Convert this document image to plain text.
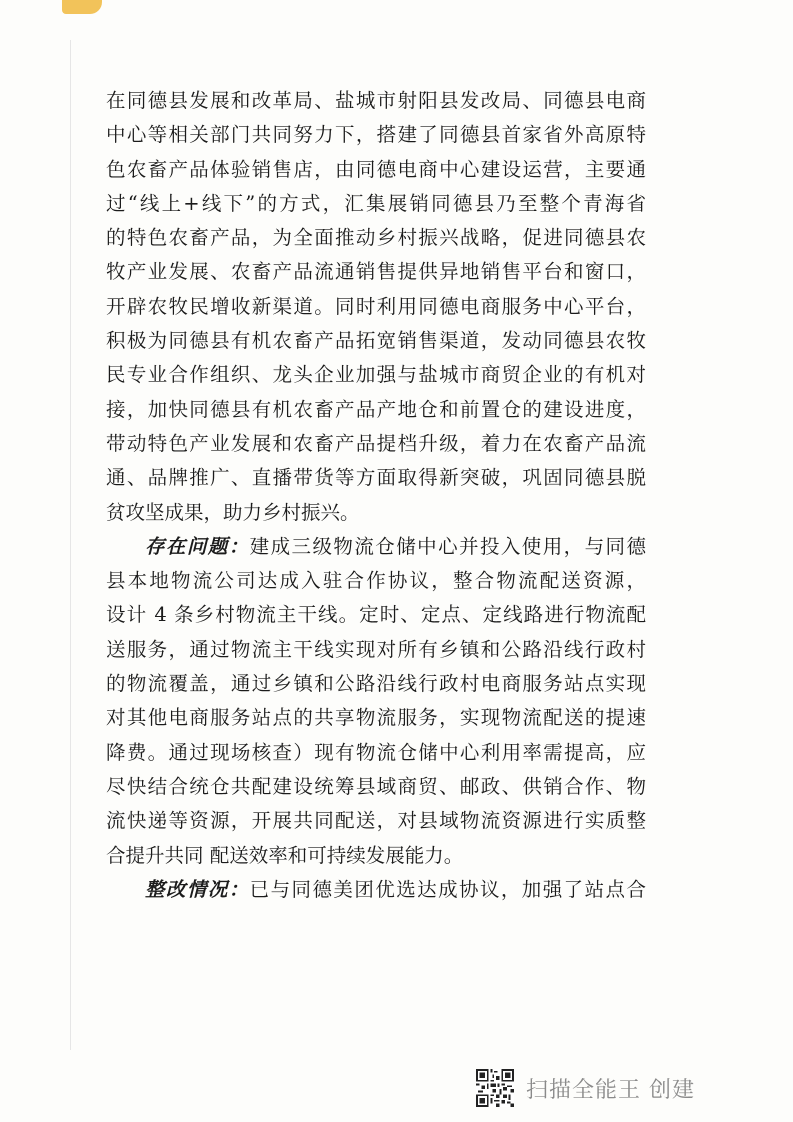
在同德县发展和改革局、盐城市射阳县发改局、同德县电商
中心等相关部门共同努力下，搭建了同德县首家省外高原特
色农畜产品体验销售店，由同德电商中心建设运营，主要通
过“线上+线下”的方式，汇集展销同德县乃至整个青海省
的特色农畜产品，为全面推动乡村振兴战略，促进同德县农
牧产业发展、农畜产品流通销售提供异地销售平台和窗口，
开辟农牧民增收新渠道。同时利用同德电商服务中心平台，
积极为同德县有机农畜产品拓宽销售渠道，发动同德县农牧
民专业合作组织、龙头企业加强与盐城市商贸企业的有机对
接，加快同德县有机农畜产品产地仓和前置仓的建设进度，
带动特色产业发展和农畜产品提档升级，着力在农畜产品流
通、品牌推广、直播带货等方面取得新突破，巩固同德县脱
贫攻坚成果，助力乡村振兴。
存在问题：建成三级物流仓储中心并投入使用，与同德
县本地物流公司达成入驻合作协议，整合物流配送资源，
设计 4 条乡村物流主干线。定时、定点、定线路进行物流配
送服务，通过物流主干线实现对所有乡镇和公路沿线行政村
的物流覆盖，通过乡镇和公路沿线行政村电商服务站点实现
对其他电商服务站点的共享物流服务，实现物流配送的提速
降费。通过现场核查）现有物流仓储中心利用率需提高，应
尽快结合统仓共配建设统筹县域商贸、邮政、供销合作、物
流快递等资源，开展共同配送，对县域物流资源进行实质整
合提升共同 配送效率和可持续发展能力。
整改情况：已与同德美团优选达成协议，加强了站点合
扫描全能王 创建
